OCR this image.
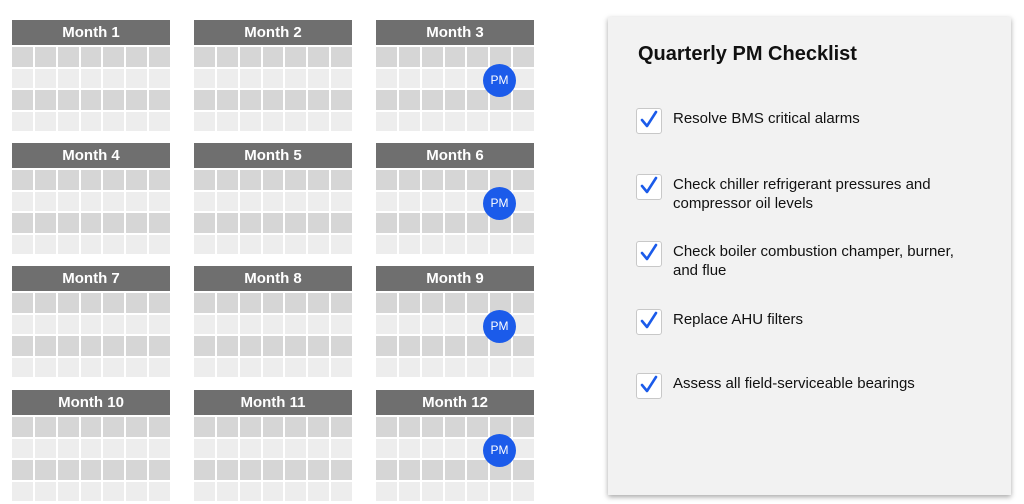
Month 1	Month 2	Month 3
PM
Month 4	Month 5	Month 6
PM
Month 7	Month 8	Month 9
PM
Month 10	Month 11	Month 12
PM
Quarterly PM Checklist
Resolve BMS critical alarms
Check chiller refrigerant pressures and compressor oil levels
Check boiler combustion champer, burner, and flue
Replace AHU filters
Assess all field-serviceable bearings
